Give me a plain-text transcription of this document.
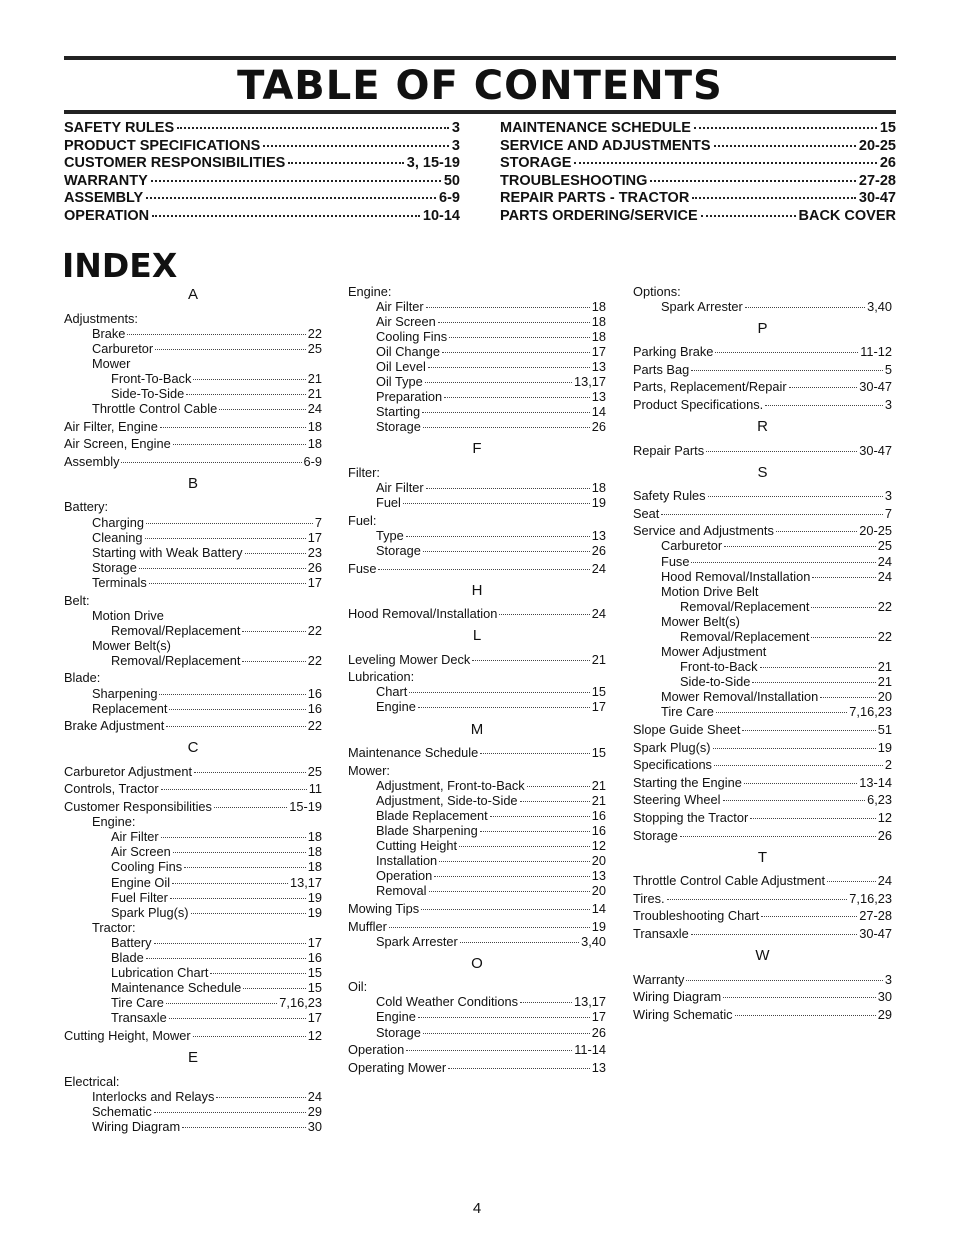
TABLE OF CONTENTS
SAFETY RULES	3
PRODUCT SPECIFICATIONS	3
CUSTOMER RESPONSIBILITIES	3, 15-19
WARRANTY	50
ASSEMBLY	6-9
OPERATION	10-14
MAINTENANCE SCHEDULE	15
SERVICE AND ADJUSTMENTS	20-25
STORAGE	26
TROUBLESHOOTING	27-28
REPAIR PARTS - TRACTOR	30-47
PARTS ORDERING/SERVICE	BACK COVER
INDEX
A
Adjustments:
Brake	22
Carburetor	25
Mower
Front-To-Back	21
Side-To-Side	21
Throttle Control Cable	24
Air Filter, Engine	18
Air Screen, Engine	18
Assembly	6-9
B
Battery:
Charging	7
Cleaning	17
Starting with Weak Battery	23
Storage	26
Terminals	17
Belt:
Motion Drive
Removal/Replacement	22
Mower Belt(s)
Removal/Replacement	22
Blade:
Sharpening	16
Replacement	16
Brake Adjustment	22
C
Carburetor Adjustment	25
Controls, Tractor	11
Customer Responsibilities	15-19
Engine:
Air Filter	18
Air Screen	18
Cooling Fins	18
Engine Oil	13,17
Fuel Filter	19
Spark Plug(s)	19
Tractor:
Battery	17
Blade	16
Lubrication Chart	15
Maintenance Schedule	15
Tire Care	7,16,23
Transaxle	17
Cutting Height, Mower	12
E
Electrical:
Interlocks and Relays	24
Schematic	29
Wiring Diagram	30
Engine:
Air Filter	18
Air Screen	18
Cooling Fins	18
Oil Change	17
Oil Level	13
Oil Type	13,17
Preparation	13
Starting	14
Storage	26
F
Filter:
Air Filter	18
Fuel	19
Fuel:
Type	13
Storage	26
Fuse	24
H
Hood Removal/Installation	24
L
Leveling Mower Deck	21
Lubrication:
Chart	15
Engine	17
M
Maintenance Schedule	15
Mower:
Adjustment, Front-to-Back	21
Adjustment, Side-to-Side	21
Blade Replacement	16
Blade Sharpening	16
Cutting Height	12
Installation	20
Operation	13
Removal	20
Mowing Tips	14
Muffler	19
Spark Arrester	3,40
O
Oil:
Cold Weather Conditions	13,17
Engine	17
Storage	26
Operation	11-14
Operating Mower	13
Options:
Spark Arrester	3,40
P
Parking Brake	11-12
Parts Bag	5
Parts, Replacement/Repair	30-47
Product Specifications.	3
R
Repair Parts	30-47
S
Safety Rules	3
Seat	7
Service and Adjustments	20-25
Carburetor	25
Fuse	24
Hood Removal/Installation	24
Motion Drive Belt
Removal/Replacement	22
Mower Belt(s)
Removal/Replacement	22
Mower Adjustment
Front-to-Back	21
Side-to-Side	21
Mower Removal/Installation	20
Tire Care	7,16,23
Slope Guide Sheet	51
Spark Plug(s)	19
Specifications	2
Starting the Engine	13-14
Steering Wheel	6,23
Stopping the Tractor	12
Storage	26
T
Throttle Control Cable Adjustment	24
Tires.	7,16,23
Troubleshooting Chart	27-28
Transaxle	30-47
W
Warranty	3
Wiring Diagram	30
Wiring Schematic	29
4
